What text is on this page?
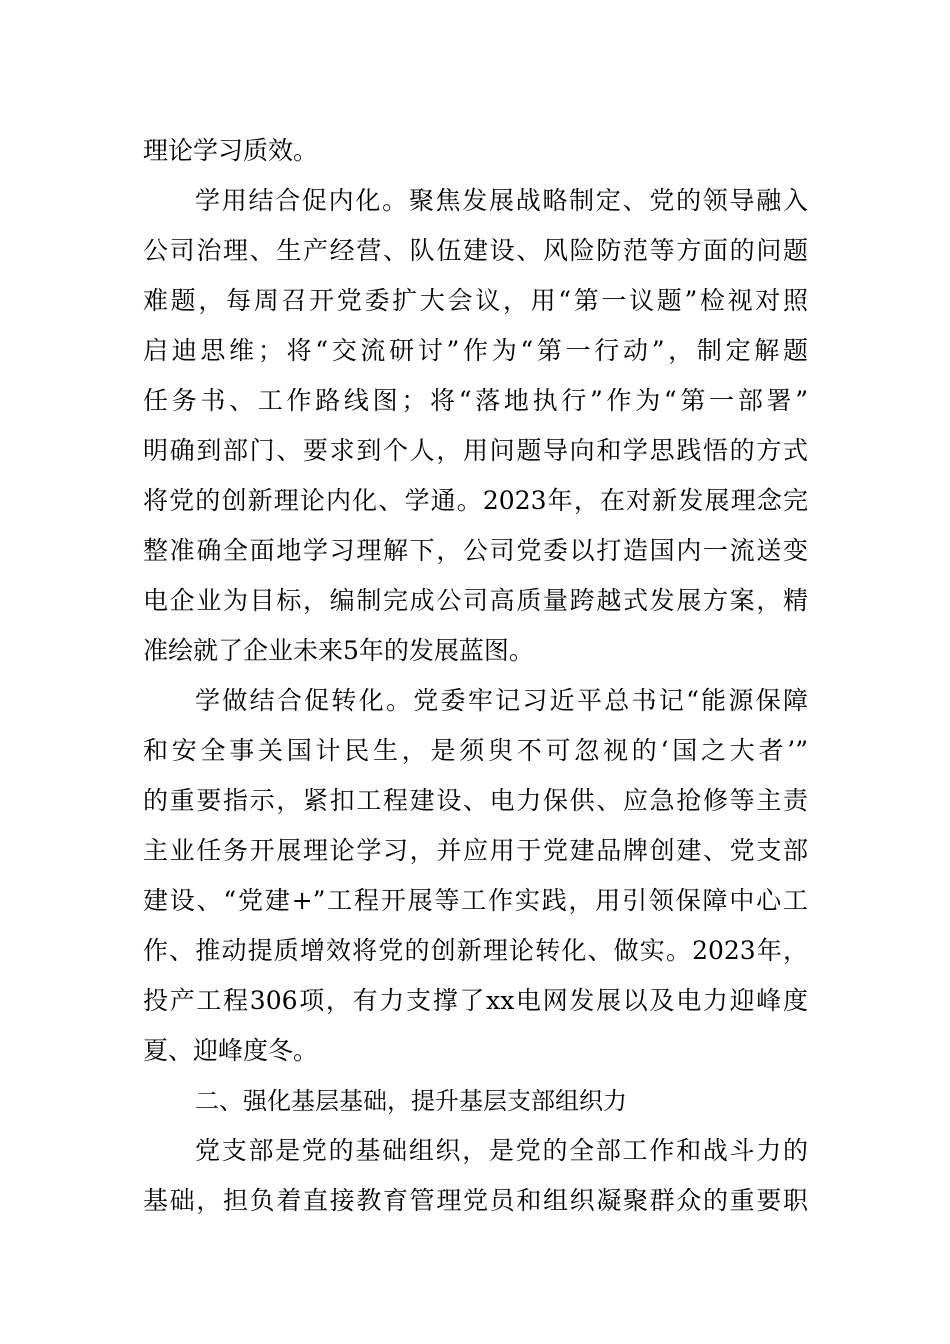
理论学习质效。
学用结合促内化。聚焦发展战略制定、党的领导融入
公司治理、生产经营、队伍建设、风险防范等方面的问题
难题，每周召开党委扩大会议，用“第一议题”检视对照
启迪思维；将“交流研讨”作为“第一行动”，制定解题
任务书、工作路线图；将“落地执行”作为“第一部署”
明确到部门、要求到个人，用问题导向和学思践悟的方式
将党的创新理论内化、学通。2023年，在对新发展理念完
整准确全面地学习理解下，公司党委以打造国内一流送变
电企业为目标，编制完成公司高质量跨越式发展方案，精
准绘就了企业未来5年的发展蓝图。
学做结合促转化。党委牢记习近平总书记“能源保障
和安全事关国计民生，是须臾不可忽视的‘国之大者’”
的重要指示，紧扣工程建设、电力保供、应急抢修等主责
主业任务开展理论学习，并应用于党建品牌创建、党支部
建设、“党建+”工程开展等工作实践，用引领保障中心工
作、推动提质增效将党的创新理论转化、做实。2023年，
投产工程306项，有力支撑了xx电网发展以及电力迎峰度
夏、迎峰度冬。
二、强化基层基础，提升基层支部组织力
党支部是党的基础组织，是党的全部工作和战斗力的
基础，担负着直接教育管理党员和组织凝聚群众的重要职
